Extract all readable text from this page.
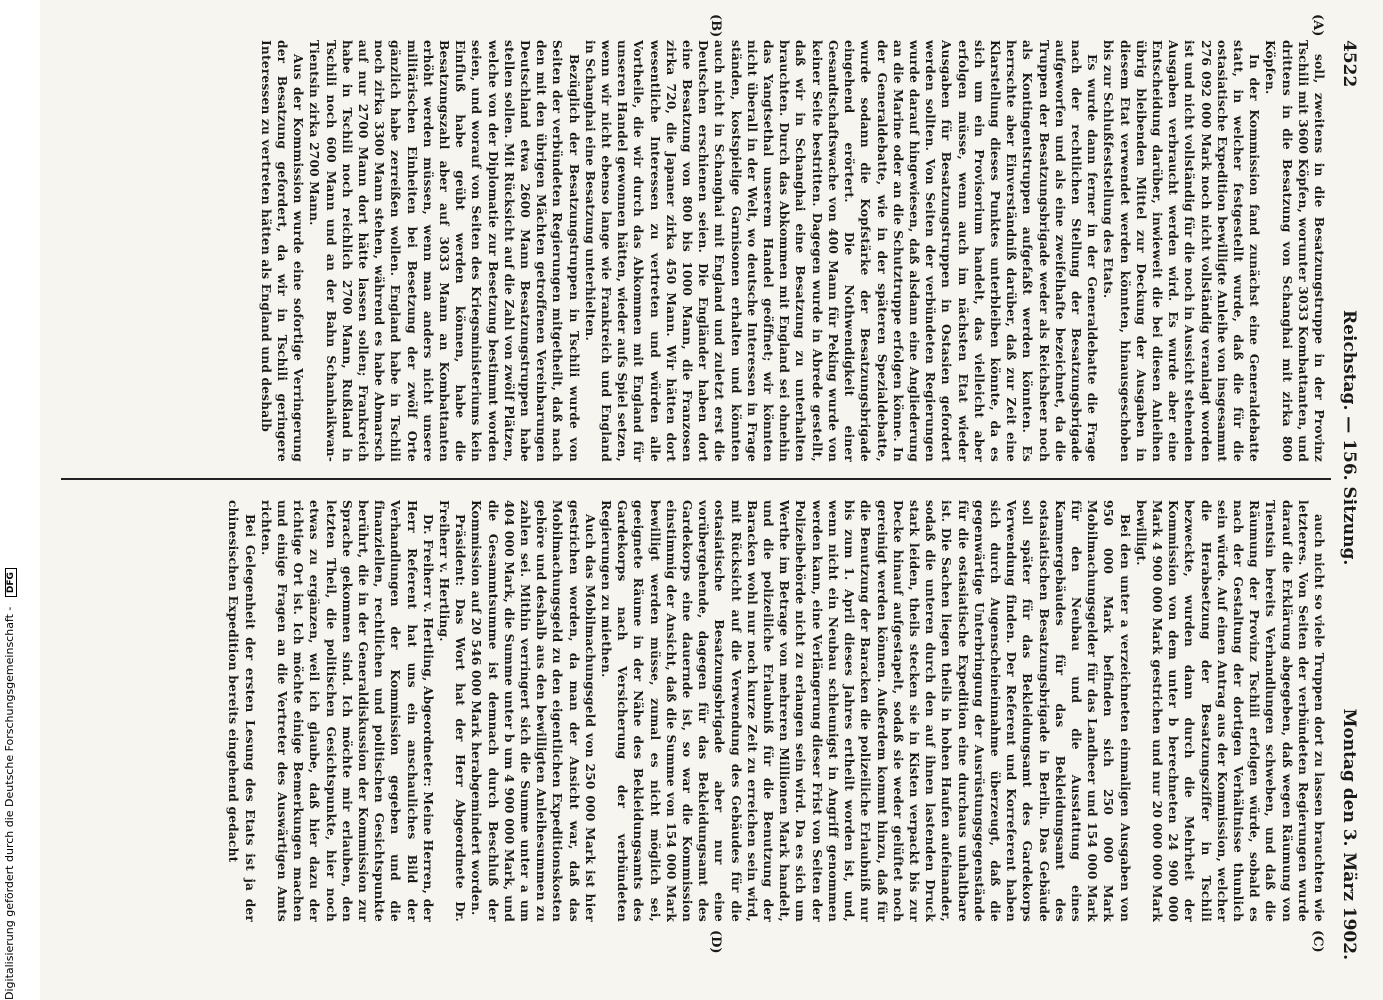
Digitalisierung gefördert durch die Deutsche Forschungsgemeinschaft - DFG
4522
Reichstag. — 156. Sitzung.
Montag den 3. März 1902.
(A)
(B)
(C)
(D)

soll, zweitens in die Besatzungstruppe in der Provinz Tschili mit 3600 Köpfen, worunter 3033 Kombattanten, und drittens in die Besatzung von Schanghai mit zirka 800 Köpfen.

In der Kommission fand zunächst eine Generaldebatte statt, in welcher festgestellt wurde, daß die für die ostasiatische Expedition bewilligte Anleihe von insgesammt 276 092 000 Mark noch nicht vollständig veranlagt worden ist und nicht vollständig für die noch in Aussicht stehenden Ausgaben verbraucht werden wird. Es wurde aber eine Entscheidung darüber, inwieweit die bei diesen Anleihen übrig bleibenden Mittel zur Deckung der Ausgaben in diesem Etat verwendet werden könnten, hinausgeschoben bis zur Schlußfeststellung des Etats.

Es wurde dann ferner in der Generaldebatte die Frage nach der rechtlichen Stellung der Besatzungsbrigade aufgeworfen und als eine zweifelhafte bezeichnet, da die Truppen der Besatzungsbrigade weder als Reichsheer noch als Kontingentstruppen aufgefaßt werden könnten. Es herrschte aber Einverständniß darüber, daß zur Zeit eine Klarstellung dieses Punktes unterbleiben könnte, da es sich um ein Provisorium handelt, das vielleicht aber erfolgen müsse, wenn auch im nächsten Etat wieder Ausgaben für Besatzungstruppen in Ostasien gefordert werden sollten. Von Seiten der verbündeten Regierungen wurde darauf hingewiesen, daß alsdann eine Angliederung an die Marine oder an die Schutztruppe erfolgen könne. In der Generaldebatte, wie in der späteren Spezialdebatte, wurde sodann die Kopfstärke der Besatzungsbrigade eingehend erörtert. Die Nothwendigkeit einer Gesandtschaftswache von 400 Mann für Peking wurde von keiner Seite bestritten. Dagegen wurde in Abrede gestellt, daß wir in Schanghai eine Besatzung zu unterhalten brauchten. Durch das Abkommen mit England sei ohnehin das Yangtsethal unserem Handel geöffnet; wir könnten nicht überall in der Welt, wo deutsche Interessen in Frage ständen, kostspielige Garnisonen erhalten und könnten auch nicht in Schanghai mit England und zuletzt erst die Deutschen erschienen seien. Die Engländer haben dort eine Besatzung von 800 bis 1000 Mann, die Franzosen zirka 720, die Japaner zirka 450 Mann. Wir hätten dort wesentliche Interessen zu vertreten und würden alle Vortheile, die wir durch das Abkommen mit England für unseren Handel gewonnen hätten, wieder aufs Spiel setzen, wenn wir nicht ebenso lange wie Frankreich und England in Schanghai eine Besatzung unterhielten.

Bezüglich der Besatzungstruppen in Tschili wurde von Seiten der verbündeten Regierungen mitgetheilt, daß nach den mit den übrigen Mächten getroffenen Vereinbarungen Deutschland etwa 2600 Mann Besatzungstruppen habe stellen sollen. Mit Rücksicht auf die Zahl von zwölf Plätzen, welche von der Diplomatie zur Besetzung bestimmt worden seien, und worauf von Seiten des Kriegsministeriums kein Einfluß habe geübt werden können, habe die Besatzungszahl aber auf 3033 Mann an Kombattanten erhöht werden müssen, wenn man anders nicht unsere militärischen Einheiten bei Besetzung der zwölf Orte gänzlich habe zerreißen wollen. England habe in Tschili noch zirka 3300 Mann stehen, während es habe Abmarsch auf nur 2700 Mann dort hätte lassen sollen; Frankreich habe in Tschili noch reichlich 2700 Mann, Rußland in Tschili noch 600 Mann und an der Bahn Schanhaikwan-Tientsin zirka 2700 Mann.

Aus der Kommission wurde eine sofortige Verringerung der Besatzung gefordert, da wir in Tschili geringere Interessen zu vertreten hätten als England und deshalb

auch nicht so viele Truppen dort zu lassen brauchten wie letzteres. Von Seiten der verbündeten Regierungen wurde darauf die Erklärung abgegeben, daß wegen Räumung von Tientsin bereits Verhandlungen schweben, und daß die Räumung der Provinz Tschili erfolgen würde, sobald es nach der Gestaltung der dortigen Verhältnisse thunlich sein würde. Auf einen Antrag aus der Kommission, welcher die Herabsetzung der Besatzungsziffer in Tschili bezweckte, wurden dann durch die Mehrheit der Kommission von dem unter b berechneten 24 900 000 Mark 4 900 000 Mark gestrichen und nur 20 000 000 Mark bewilligt.

Bei den unter a verzeichneten einmaligen Ausgaben von 950 000 Mark befinden sich 250 000 Mark Mobilmachungsgelder für das Landheer und 154 000 Mark für den Neubau und die Ausstattung eines Kammergebäudes für das Bekleidungsamt des ostasiatischen Besatzungsbrigade in Berlin. Das Gebäude soll später für das Bekleidungsamt des Gardekorps Verwendung finden. Der Referent und Korreferent haben sich durch Augenscheineinnahme überzeugt, daß die gegenwärtige Unterbringung der Ausrüstungsgegenstände für die ostasiatische Expedition eine durchaus unhaltbare ist. Die Sachen liegen theils in hohen Haufen aufeinander, sodaß die unteren durch den auf ihnen lastenden Druck stark leiden, theils stecken sie in Kisten verpackt bis zur Decke hinauf aufgestapelt, sodaß sie weder gelüftet noch gereinigt werden können. Außerdem kommt hinzu, daß für die Benutzung der Baracken die polizeiliche Erlaubniß nur bis zum 1. April dieses Jahres ertheilt worden ist, und, wenn nicht ein Neubau schleunigst in Angriff genommen werden kann, eine Verlängerung dieser Frist von Seiten der Polizeibehörde nicht zu erlangen sein wird. Da es sich um Werthe im Betrage von mehreren Millionen Mark handelt, und die polizeiliche Erlaubniß für die Benutzung der Baracken wohl nur noch kurze Zeit zu erreichen sein wird, mit Rücksicht auf die Verwendung des Gebäudes für die ostasiatische Besatzungsbrigade aber nur eine vorübergehende, dagegen für das Bekleidungsamt des Gardekorps eine dauernde ist, so war die Kommission einstimmig der Ansicht, daß die Summe von 154 000 Mark bewilligt werden müsse, zumal es nicht möglich sei, geeignete Räume in der Nähe des Bekleidungsamts des Gardekorps nach Versicherung der verbündeten Regierungen zu miethen.

Auch das Mobilmachungsgeld von 250 000 Mark ist hier gestrichen worden, da man der Ansicht war, daß das Mobilmachungsgeld zu den eigentlichen Expeditionskosten gehöre und deshalb aus den bewilligten Anleihesummen zu zahlen sei. Mithin verringert sich die Summe unter a um 404 000 Mark, die Summe unter b um 4 900 000 Mark, und die Gesammtsumme ist demnach durch Beschluß der Kommission auf 20 546 000 Mark herabgemindert worden.

Präsident: Das Wort hat der Herr Abgeordnete Dr. Freiherr v. Hertling.

Dr. Freiherr v. Hertling, Abgeordneter: Meine Herren, der Herr Referent hat uns ein anschauliches Bild der Verhandlungen der Kommission gegeben und die finanziellen, rechtlichen und politischen Gesichtspunkte berührt, die in der Generaldiskussion der Kommission zur Sprache gekommen sind. Ich möchte mir erlauben, den letzten Theil, die politischen Gesichtspunkte, hier noch etwas zu ergänzen, weil ich glaube, daß hier dazu der richtige Ort ist. Ich möchte einige Bemerkungen machen und einige Fragen an die Vertreter des Auswärtigen Amts richten.

Bei Gelegenheit der ersten Lesung des Etats ist ja der chinesischen Expedition bereits eingehend gedacht
